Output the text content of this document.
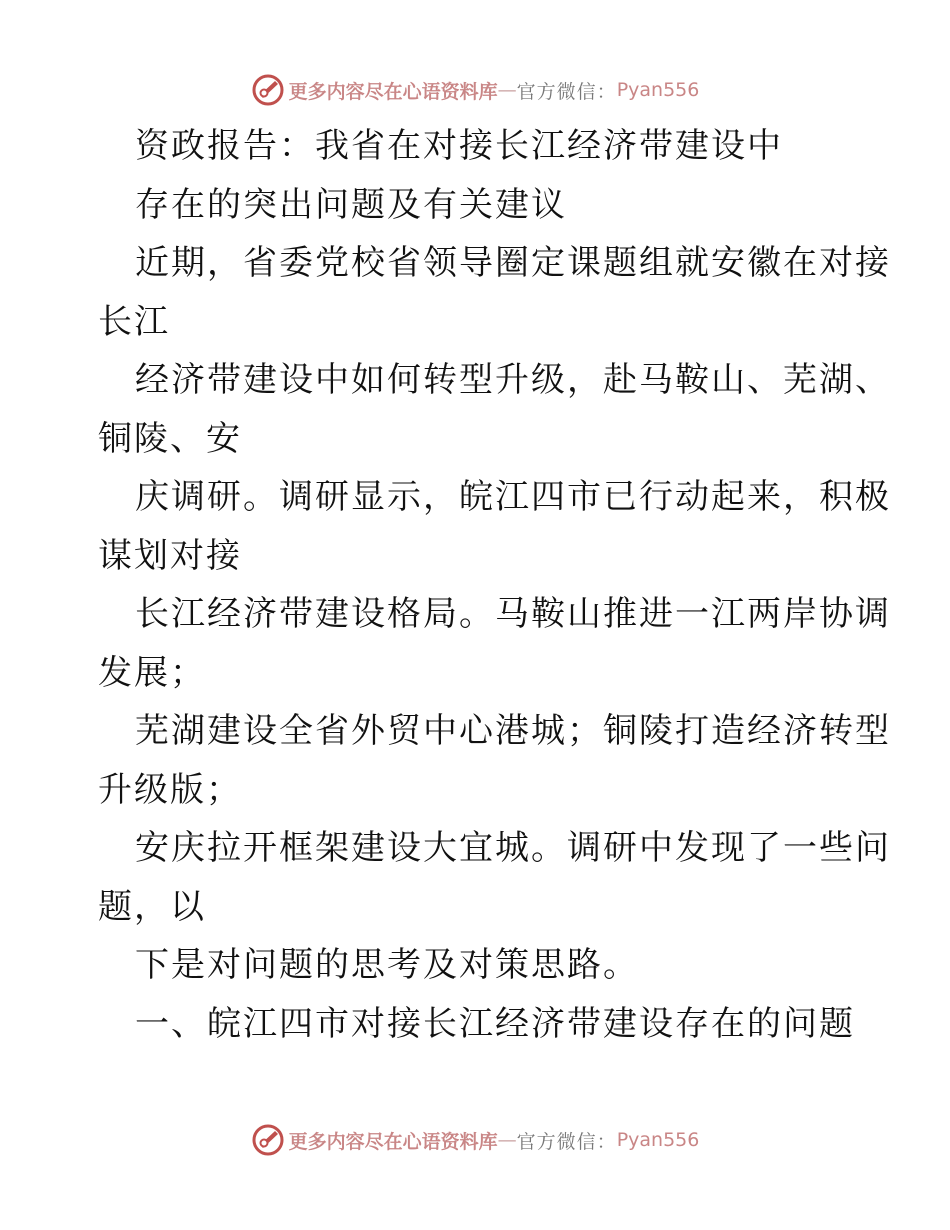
更多内容尽在心语资料库 — 官方微信： Pyan556
资政报告：我省在对接长江经济带建设中
存在的突出问题及有关建议
近期，省委党校省领导圈定课题组就安徽在对接
长江
经济带建设中如何转型升级，赴马鞍山、芜湖、
铜陵、安
庆调研。调研显示，皖江四市已行动起来，积极
谋划对接
长江经济带建设格局。马鞍山推进一江两岸协调
发展；
芜湖建设全省外贸中心港城；铜陵打造经济转型
升级版；
安庆拉开框架建设大宜城。调研中发现了一些问
题，以
下是对问题的思考及对策思路。
一、皖江四市对接长江经济带建设存在的问题
更多内容尽在心语资料库 — 官方微信： Pyan556
